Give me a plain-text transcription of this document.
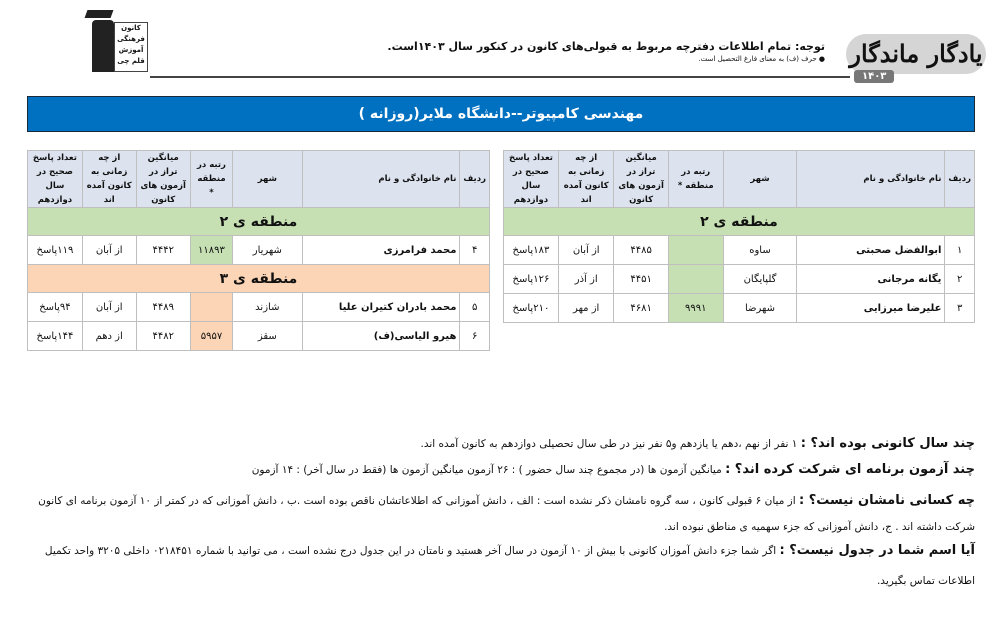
کانون
فرهنگی
آموزش
قلم چی	یادگار ماندگار
۱۴۰۳
توجه: تمام اطلاعات دفترچه مربوط به قبولی‌های کانون در کنکور سال ۱۴۰۳است.
● حرف (ف) به معنای فارغ التحصیل است.
مهندسی کامپیوتر--دانشگاه ملایر(روزانه )
ردیف	نام خانوادگی و نام	شهر	رتبه در منطقه *	میانگین تراز در آزمون های کانون	از چه زمانی به کانون آمده اند	تعداد پاسخ صحیح در سال دوازدهم
منطقه ی ۲						
۱	ابوالفضل صحبتی	ساوه		۴۴۸۵	از آبان	۱۸۳پاسخ
۲	یگانه مرجانی	گلپایگان		۴۴۵۱	از آذر	۱۲۶پاسخ
۳	علیرضا میرزایی	شهرضا	۹۹۹۱	۴۶۸۱	از مهر	۲۱۰پاسخ
ردیف	نام خانوادگی و نام	شهر	رتبه در منطقه *	میانگین تراز در آزمون های کانون	از چه زمانی به کانون آمده اند	تعداد پاسخ صحیح در سال دوازدهم
منطقه ی ۲						
۴	محمد فرامرزی	شهریار	۱۱۸۹۳	۴۴۴۲	از آبان	۱۱۹پاسخ
منطقه ی ۳						
۵	محمد بادران کتیران علیا	شازند		۴۴۸۹	از آبان	۹۴پاسخ
۶	هیرو الیاسی(ف)	سقز	۵۹۵۷	۴۴۸۲	از دهم	۱۴۴پاسخ

چند سال کانونی بوده اند؟ : ۱ نفر از نهم ،دهم یا یازدهم و۵ نفر نیز در طی سال تحصیلی دوازدهم به کانون آمده اند.

چند آزمون برنامه ای شرکت کرده اند؟ : میانگین آزمون ها (در مجموع چند سال حضور ) : ۲۶ آزمون میانگین آزمون ها (فقط در سال آخر) : ۱۴ آزمون

چه کسانی نامشان نیست؟ : از میان ۶ قبولی کانون ، سه گروه نامشان ذکر نشده است : الف ، دانش آموزانی که اطلاعاتشان ناقص بوده است .ب ، دانش آموزانی که در کمتر از ۱۰ آزمون برنامه ای کانون شرکت داشته اند . ج، دانش آموزانی که جزء سهمیه ی مناطق نبوده اند.

آیا اسم شما در جدول نیست؟ : اگر شما جزء دانش آموزان کانونی با بیش از ۱۰ آزمون در سال آخر هستید و نامتان در این جدول درج نشده است ، می توانید با شماره ۰۲۱۸۴۵۱ داخلی ۳۲۰۵ واحد تکمیل اطلاعات تماس بگیرید.
